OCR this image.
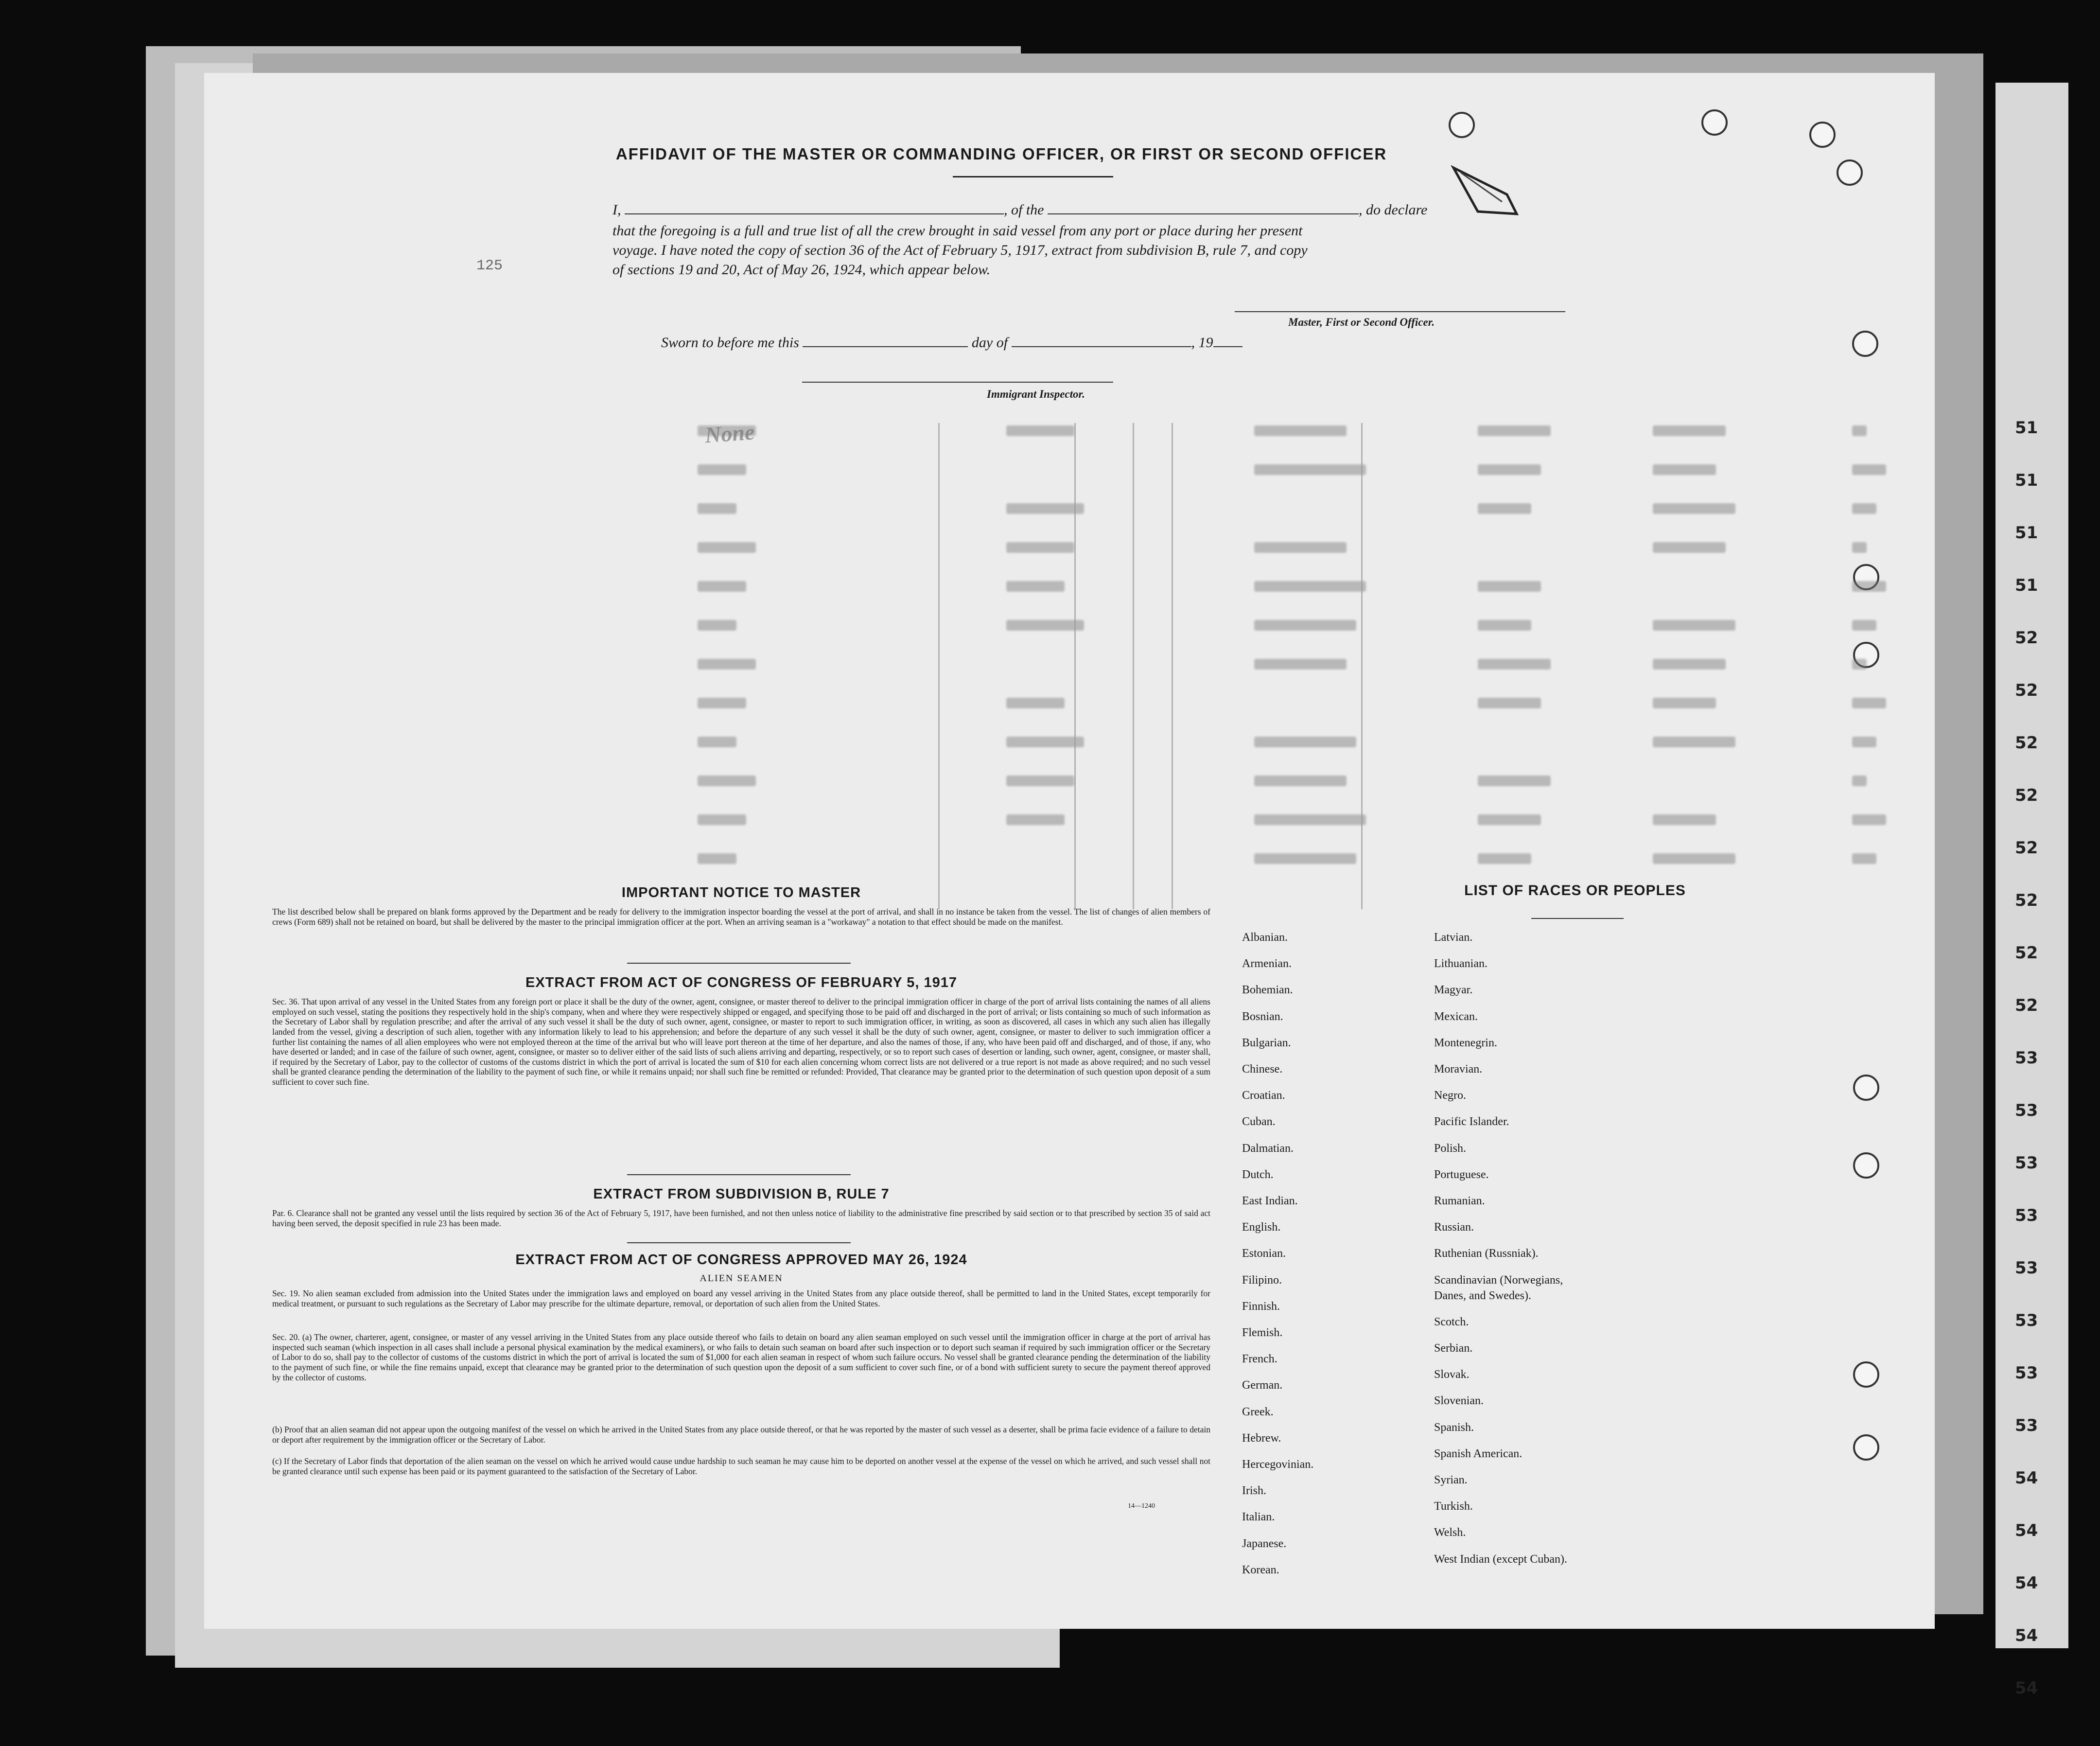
51
51
51
51
52
52
52
52
52
52
52
52
53
53
53
53
53
53
53
53
54
54
54
54
54
125
AFFIDAVIT OF THE MASTER OR COMMANDING OFFICER, OR FIRST OR SECOND OFFICER
I,	, of the	, do declare
that the foregoing is a full and true list of all the crew brought in said vessel from any port or place during her present
voyage. I have noted the copy of section 36 of the Act of February 5, 1917, extract from subdivision B, rule 7, and copy
of sections 19 and 20, Act of May 26, 1924, which appear below.
Master, First or Second Officer.
Sworn to before me this	day of	, 19
Immigrant Inspector.
None
IMPORTANT NOTICE TO MASTER
The list described below shall be prepared on blank forms approved by the Department and be ready for delivery to the immigration inspector boarding the vessel at the port of arrival, and shall in no instance be taken from the vessel. The list of changes of alien members of crews (Form 689) shall not be retained on board, but shall be delivered by the master to the principal immigration officer at the port. When an arriving seaman is a "workaway" a notation to that effect should be made on the manifest.
EXTRACT FROM ACT OF CONGRESS OF FEBRUARY 5, 1917
Sec. 36. That upon arrival of any vessel in the United States from any foreign port or place it shall be the duty of the owner, agent, consignee, or master thereof to deliver to the principal immigration officer in charge of the port of arrival lists containing the names of all aliens employed on such vessel, stating the positions they respectively hold in the ship's company, when and where they were respectively shipped or engaged, and specifying those to be paid off and discharged in the port of arrival; or lists containing so much of such information as the Secretary of Labor shall by regulation prescribe; and after the arrival of any such vessel it shall be the duty of such owner, agent, consignee, or master to report to such immigration officer, in writing, as soon as discovered, all cases in which any such alien has illegally landed from the vessel, giving a description of such alien, together with any information likely to lead to his apprehension; and before the departure of any such vessel it shall be the duty of such owner, agent, consignee, or master to deliver to such immigration officer a further list containing the names of all alien employees who were not employed thereon at the time of the arrival but who will leave port thereon at the time of her departure, and also the names of those, if any, who have been paid off and discharged, and of those, if any, who have deserted or landed; and in case of the failure of such owner, agent, consignee, or master so to deliver either of the said lists of such aliens arriving and departing, respectively, or so to report such cases of desertion or landing, such owner, agent, consignee, or master shall, if required by the Secretary of Labor, pay to the collector of customs of the customs district in which the port of arrival is located the sum of $10 for each alien concerning whom correct lists are not delivered or a true report is not made as above required; and no such vessel shall be granted clearance pending the determination of the liability to the payment of such fine, or while it remains unpaid; nor shall such fine be remitted or refunded: Provided, That clearance may be granted prior to the determination of such question upon deposit of a sum sufficient to cover such fine.
EXTRACT FROM SUBDIVISION B, RULE 7
Par. 6. Clearance shall not be granted any vessel until the lists required by section 36 of the Act of February 5, 1917, have been furnished, and not then unless notice of liability to the administrative fine prescribed by said section or to that prescribed by section 35 of said act having been served, the deposit specified in rule 23 has been made.
EXTRACT FROM ACT OF CONGRESS APPROVED MAY 26, 1924
ALIEN SEAMEN
Sec. 19. No alien seaman excluded from admission into the United States under the immigration laws and employed on board any vessel arriving in the United States from any place outside thereof, shall be permitted to land in the United States, except temporarily for medical treatment, or pursuant to such regulations as the Secretary of Labor may prescribe for the ultimate departure, removal, or deportation of such alien from the United States.
Sec. 20. (a) The owner, charterer, agent, consignee, or master of any vessel arriving in the United States from any place outside thereof who fails to detain on board any alien seaman employed on such vessel until the immigration officer in charge at the port of arrival has inspected such seaman (which inspection in all cases shall include a personal physical examination by the medical examiners), or who fails to detain such seaman on board after such inspection or to deport such seaman if required by such immigration officer or the Secretary of Labor to do so, shall pay to the collector of customs of the customs district in which the port of arrival is located the sum of $1,000 for each alien seaman in respect of whom such failure occurs. No vessel shall be granted clearance pending the determination of the liability to the payment of such fine, or while the fine remains unpaid, except that clearance may be granted prior to the determination of such question upon the deposit of a sum sufficient to cover such fine, or of a bond with sufficient surety to secure the payment thereof approved by the collector of customs.
(b) Proof that an alien seaman did not appear upon the outgoing manifest of the vessel on which he arrived in the United States from any place outside thereof, or that he was reported by the master of such vessel as a deserter, shall be prima facie evidence of a failure to detain or deport after requirement by the immigration officer or the Secretary of Labor.
(c) If the Secretary of Labor finds that deportation of the alien seaman on the vessel on which he arrived would cause undue hardship to such seaman he may cause him to be deported on another vessel at the expense of the vessel on which he arrived, and such vessel shall not be granted clearance until such expense has been paid or its payment guaranteed to the satisfaction of the Secretary of Labor.
14—1240
LIST OF RACES OR PEOPLES
Albanian.
Armenian.
Bohemian.
Bosnian.
Bulgarian.
Chinese.
Croatian.
Cuban.
Dalmatian.
Dutch.
East Indian.
English.
Estonian.
Filipino.
Finnish.
Flemish.
French.
German.
Greek.
Hebrew.
Hercegovinian.
Irish.
Italian.
Japanese.
Korean.
Latvian.
Lithuanian.
Magyar.
Mexican.
Montenegrin.
Moravian.
Negro.
Pacific Islander.
Polish.
Portuguese.
Rumanian.
Russian.
Ruthenian (Russniak).
Scandinavian (Norwegians,
Danes, and Swedes).
Scotch.
Serbian.
Slovak.
Slovenian.
Spanish.
Spanish American.
Syrian.
Turkish.
Welsh.
West Indian (except Cuban).
